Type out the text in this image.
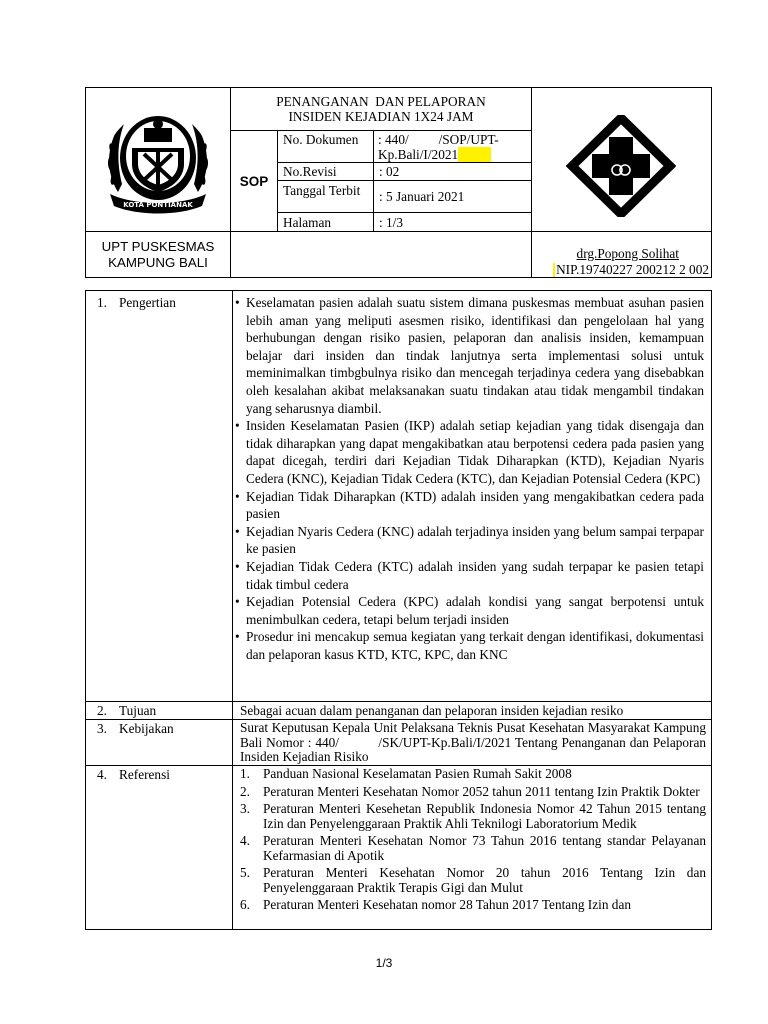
KOTA PONTIANAK
PENANGANAN  DAN PELAPORAN
INSIDEN KEJADIAN 1X24 JAM
SOP
No. Dokumen	: 440/         /SOP/UPT-Kp.Bali/I/2021
No.Revisi	: 02
Tanggal Terbit	: 5 Januari 2021
Halaman	: 1/3
UPT PUSKESMAS
KAMPUNG BALI
drg.Popong Solihat
NIP.19740227 200212 2 002
1. Pengertian
•	Keselamatan pasien adalah suatu sistem dimana puskesmas membuat asuhan pasien lebih aman yang meliputi asesmen risiko, identifikasi dan pengelolaan hal yang berhubungan dengan risiko pasien, pelaporan dan analisis insiden, kemampuan belajar dari insiden dan tindak lanjutnya serta implementasi solusi untuk meminimalkan timbgbulnya risiko dan mencegah terjadinya cedera yang disebabkan oleh kesalahan akibat melaksanakan suatu tindakan atau tidak mengambil tindakan yang seharusnya diambil.
• Insiden Keselamatan Pasien (IKP) adalah setiap kejadian yang tidak disengaja dan tidak diharapkan yang dapat mengakibatkan atau berpotensi cedera pada pasien yang dapat dicegah, terdiri dari Kejadian Tidak Diharapkan (KTD), Kejadian Nyaris Cedera (KNC), Kejadian Tidak Cedera (KTC), dan Kejadian Potensial Cedera (KPC)
• Kejadian Tidak Diharapkan (KTD) adalah insiden yang mengakibatkan cedera pada pasien
• Kejadian Nyaris Cedera (KNC) adalah terjadinya insiden yang belum sampai terpapar ke pasien
• Kejadian Tidak Cedera (KTC) adalah insiden yang sudah terpapar ke pasien tetapi tidak timbul cedera
• Kejadian Potensial Cedera (KPC) adalah kondisi yang sangat berpotensi untuk menimbulkan cedera, tetapi belum terjadi insiden
• Prosedur ini mencakup semua kegiatan yang terkait dengan identifikasi, dokumentasi dan pelaporan kasus KTD, KTC, KPC, dan KNC
2. Tujuan	Sebagai acuan dalam penanganan dan pelaporan insiden kejadian resiko
3. Kebijakan	Surat Keputusan Kepala Unit Pelaksana Teknis Pusat Kesehatan Masyarakat Kampung Bali Nomor : 440/          /SK/UPT-Kp.Bali/I/2021 Tentang Penanganan dan Pelaporan Insiden Kejadian Risiko
4. Referensi	1. Panduan Nasional Keselamatan Pasien Rumah Sakit 2008
2. Peraturan Menteri Kesehatan Nomor 2052 tahun 2011 tentang Izin Praktik Dokter
3. Peraturan Menteri Kesehetan Republik Indonesia Nomor 42 Tahun 2015 tentang Izin dan Penyelenggaraan Praktik Ahli Teknilogi Laboratorium Medik
4. Peraturan Menteri Kesehatan Nomor 73 Tahun 2016 tentang standar Pelayanan Kefarmasian di Apotik
5. Peraturan Menteri Kesehatan Nomor 20 tahun 2016 Tentang Izin dan Penyelenggaraan Praktik Terapis Gigi dan Mulut
6. Peraturan Menteri Kesehatan nomor 28 Tahun 2017 Tentang Izin dan
1/3
